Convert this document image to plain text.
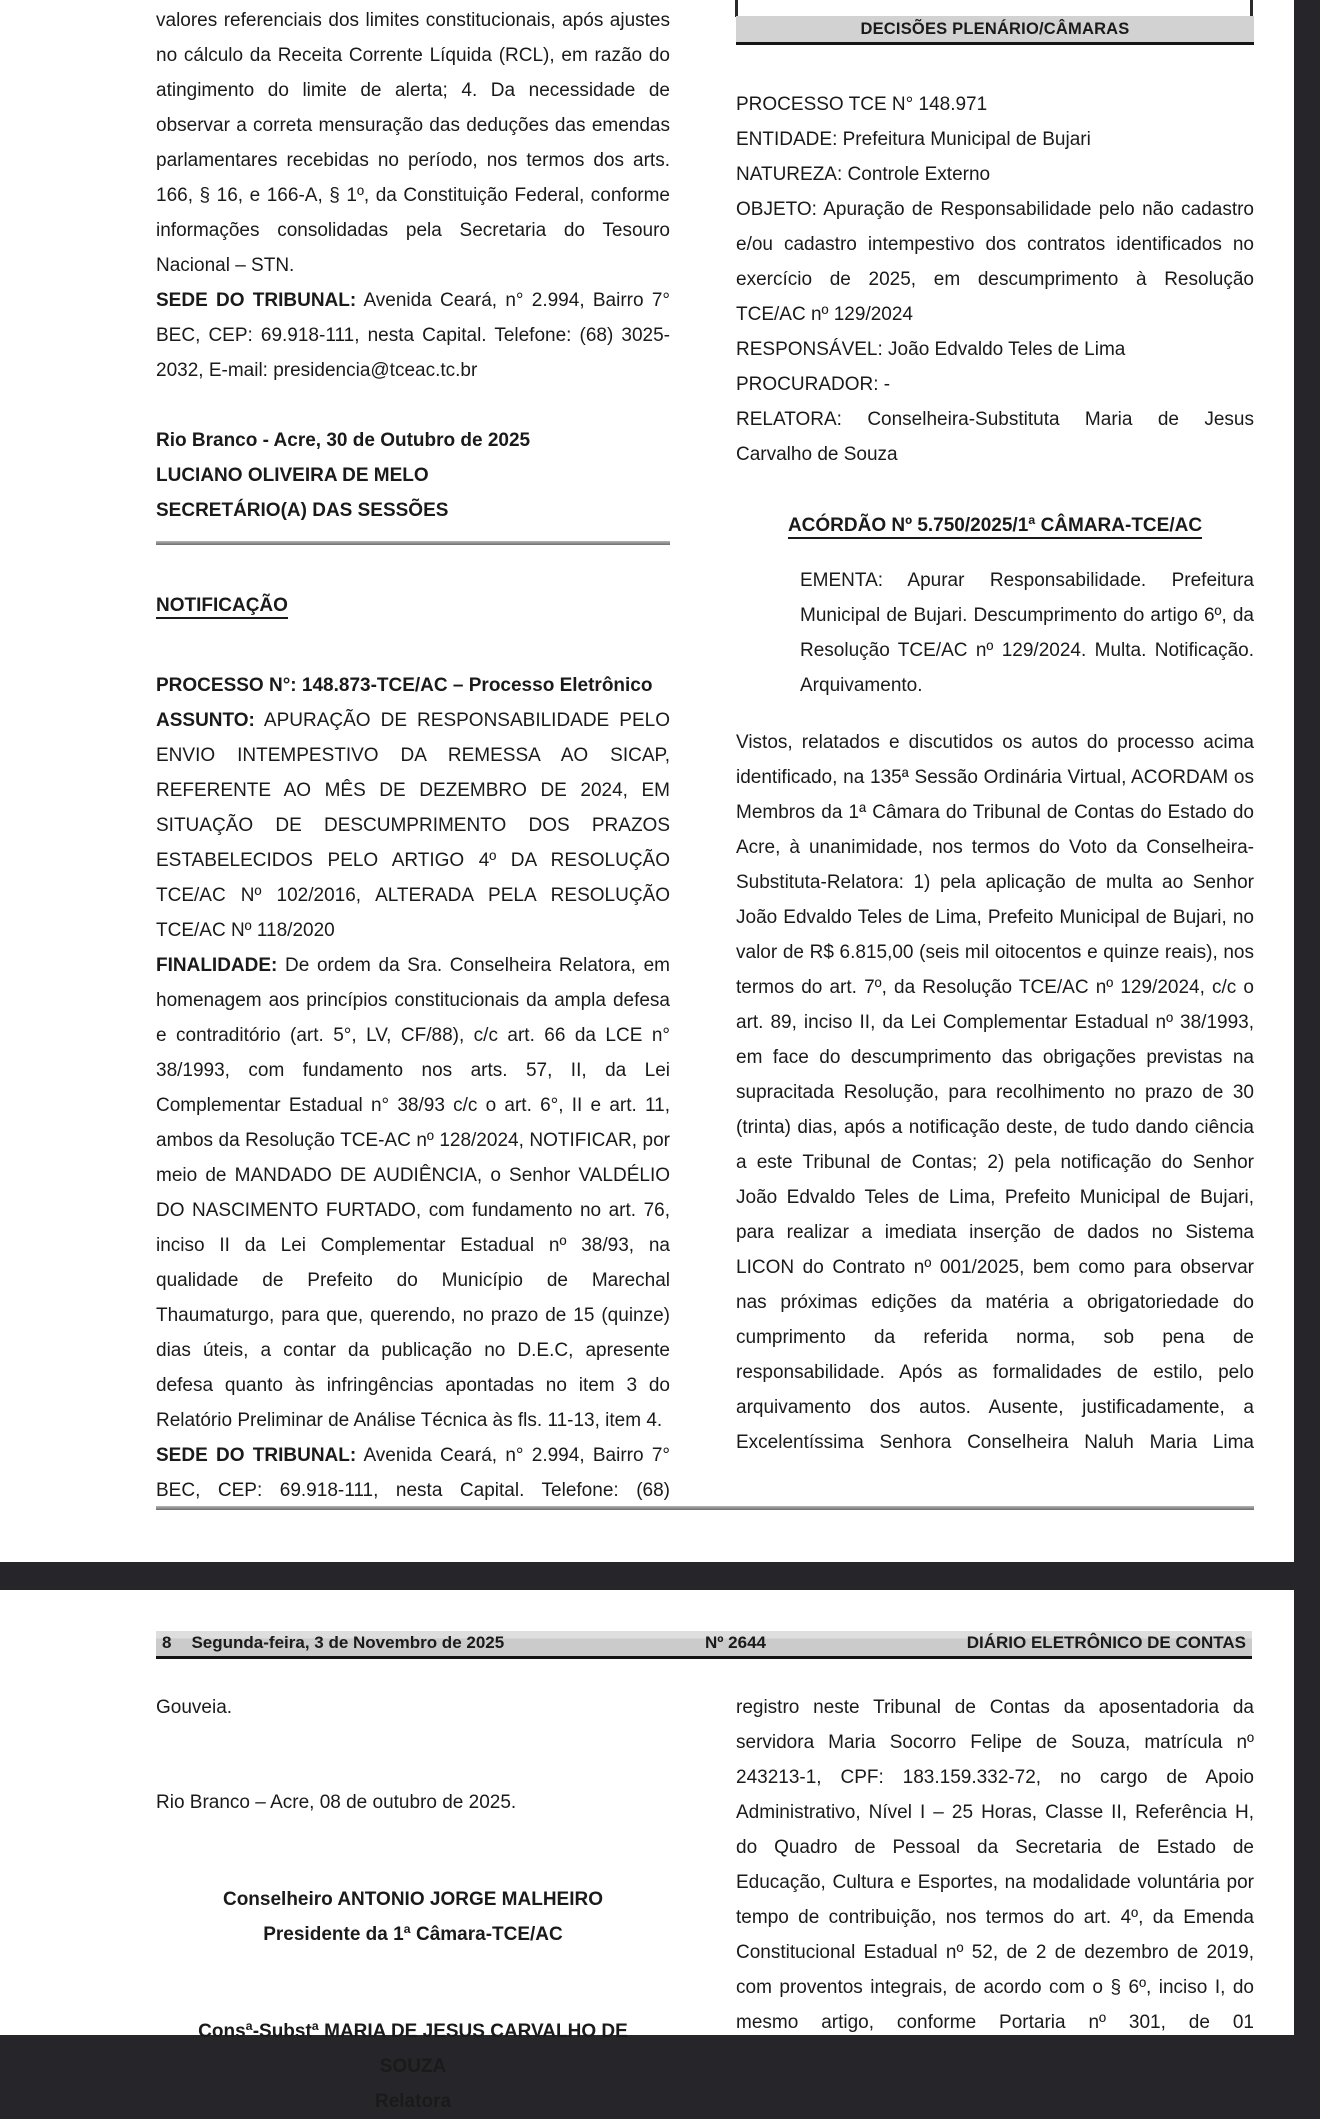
valores referenciais dos limites constitucionais, após ajustes no cálculo da Receita Corrente Líquida (RCL), em razão do atingimento do limite de alerta; 4. Da necessidade de observar a correta mensuração das deduções das emendas parlamentares recebidas no período, nos termos dos arts. 166, § 16, e 166-A, § 1º, da Constituição Federal, conforme informações consolidadas pela Secretaria do Tesouro Nacional – STN.

SEDE DO TRIBUNAL: Avenida Ceará, n° 2.994, Bairro 7° BEC, CEP: 69.918-111, nesta Capital. Telefone: (68) 3025-2032, E-mail: presidencia@tceac.tc.br

Rio Branco - Acre, 30 de Outubro de 2025

LUCIANO OLIVEIRA DE MELO

SECRETÁRIO(A) DAS SESSÕES

NOTIFICAÇÃO

PROCESSO N°: 148.873-TCE/AC – Processo Eletrônico

ASSUNTO: APURAÇÃO DE RESPONSABILIDADE PELO ENVIO INTEMPESTIVO DA REMESSA AO SICAP, REFERENTE AO MÊS DE DEZEMBRO DE 2024, EM SITUAÇÃO DE DESCUMPRIMENTO DOS PRAZOS ESTABELECIDOS PELO ARTIGO 4º DA RESOLUÇÃO TCE/AC Nº 102/2016, ALTERADA PELA RESOLUÇÃO TCE/AC Nº 118/2020

FINALIDADE: De ordem da Sra. Conselheira Relatora, em homenagem aos princípios constitucionais da ampla defesa e contraditório (art. 5°, LV, CF/88), c/c art. 66 da LCE n° 38/1993, com fundamento nos arts. 57, II, da Lei Complementar Estadual n° 38/93 c/c o art. 6°, II e art. 11, ambos da Resolução TCE-AC nº 128/2024, NOTIFICAR, por meio de MANDADO DE AUDIÊNCIA, o Senhor VALDÉLIO DO NASCIMENTO FURTADO, com fundamento no art. 76, inciso II da Lei Complementar Estadual nº 38/93, na qualidade de Prefeito do Município de Marechal Thaumaturgo, para que, querendo, no prazo de 15 (quinze) dias úteis, a contar da publicação no D.E.C, apresente defesa quanto às infringências apontadas no item 3 do Relatório Preliminar de Análise Técnica às fls. 11-13, item 4.

SEDE DO TRIBUNAL: Avenida Ceará, n° 2.994, Bairro 7° BEC, CEP: 69.918-111, nesta Capital. Telefone: (68)

DECISÕES PLENÁRIO/CÂMARAS

PROCESSO TCE N° 148.971

ENTIDADE: Prefeitura Municipal de Bujari

NATUREZA: Controle Externo

OBJETO: Apuração de Responsabilidade pelo não cadastro e/ou cadastro intempestivo dos contratos identificados no exercício de 2025, em descumprimento à Resolução TCE/AC nº 129/2024

RESPONSÁVEL: João Edvaldo Teles de Lima

PROCURADOR: -

RELATORA: Conselheira-Substituta Maria de Jesus Carvalho de Souza

ACÓRDÃO Nº 5.750/2025/1ª CÂMARA-TCE/AC

EMENTA: Apurar Responsabilidade. Prefeitura Municipal de Bujari. Descumprimento do artigo 6º, da Resolução TCE/AC nº 129/2024. Multa. Notificação. Arquivamento.

Vistos, relatados e discutidos os autos do processo acima identificado, na 135ª Sessão Ordinária Virtual, ACORDAM os Membros da 1ª Câmara do Tribunal de Contas do Estado do Acre, à unanimidade, nos termos do Voto da Conselheira-Substituta-Relatora: 1) pela aplicação de multa ao Senhor João Edvaldo Teles de Lima, Prefeito Municipal de Bujari, no valor de R$ 6.815,00 (seis mil oitocentos e quinze reais), nos termos do art. 7º, da Resolução TCE/AC nº 129/2024, c/c o art. 89, inciso II, da Lei Complementar Estadual nº 38/1993, em face do descumprimento das obrigações previstas na supracitada Resolução, para recolhimento no prazo de 30 (trinta) dias, após a notificação deste, de tudo dando ciência a este Tribunal de Contas; 2) pela notificação do Senhor João Edvaldo Teles de Lima, Prefeito Municipal de Bujari, para realizar a imediata inserção de dados no Sistema LICON do Contrato nº 001/2025, bem como para observar nas próximas edições da matéria a obrigatoriedade do cumprimento da referida norma, sob pena de responsabilidade. Após as formalidades de estilo, pelo arquivamento dos autos. Ausente, justificadamente, a Excelentíssima Senhora Conselheira Naluh Maria Lima

8 Segunda-feira, 3 de Novembro de 2025	Nº 2644	DIÁRIO ELETRÔNICO DE CONTAS

Gouveia.

Rio Branco – Acre, 08 de outubro de 2025.

Conselheiro ANTONIO JORGE MALHEIRO

Presidente da 1ª Câmara-TCE/AC

Consª-Substª MARIA DE JESUS CARVALHO DE

SOUZA

Relatora

registro neste Tribunal de Contas da aposentadoria da servidora Maria Socorro Felipe de Souza, matrícula nº 243213-1, CPF: 183.159.332-72, no cargo de Apoio Administrativo, Nível I – 25 Horas, Classe II, Referência H, do Quadro de Pessoal da Secretaria de Estado de Educação, Cultura e Esportes, na modalidade voluntária por tempo de contribuição, nos termos do art. 4º, da Emenda Constitucional Estadual nº 52, de 2 de dezembro de 2019, com proventos integrais, de acordo com o § 6º, inciso I, do mesmo artigo, conforme Portaria nº 301, de 01
